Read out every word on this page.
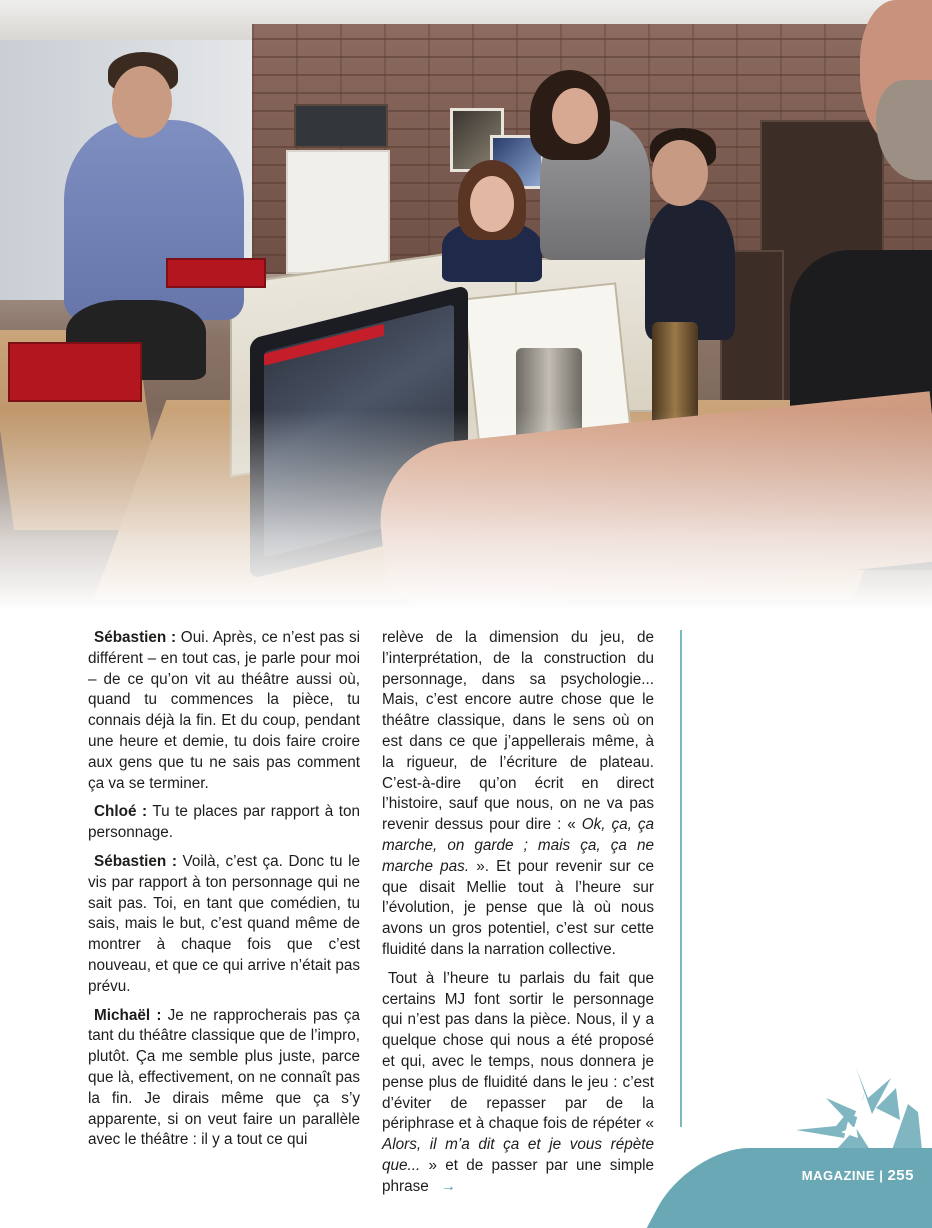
Sébastien : Oui. Après, ce n’est pas si différent – en tout cas, je parle pour moi – de ce qu’on vit au théâtre aussi où, quand tu commences la pièce, tu connais déjà la fin. Et du coup, pendant une heure et demie, tu dois faire croire aux gens que tu ne sais pas comment ça va se terminer.

Chloé : Tu te places par rapport à ton personnage.

Sébastien : Voilà, c’est ça. Donc tu le vis par rapport à ton personnage qui ne sait pas. Toi, en tant que comédien, tu sais, mais le but, c’est quand même de montrer à chaque fois que c’est nouveau, et que ce qui arrive n’était pas prévu.

Michaël : Je ne rapprocherais pas ça tant du théâtre classique que de l’impro, plutôt. Ça me semble plus juste, parce que là, effectivement, on ne connaît pas la fin. Je dirais même que ça s’y apparente, si on veut faire un parallèle avec le théâtre : il y a tout ce qui

relève de la dimension du jeu, de l’interprétation, de la construction du personnage, dans sa psychologie... Mais, c’est encore autre chose que le théâtre classique, dans le sens où on est dans ce que j’appellerais même, à la rigueur, de l’écriture de plateau. C’est-à-dire qu’on écrit en direct l’histoire, sauf que nous, on ne va pas revenir dessus pour dire : « Ok, ça, ça marche, on garde ; mais ça, ça ne marche pas. ». Et pour revenir sur ce que disait Mellie tout à l’heure sur l’évolution, je pense que là où nous avons un gros potentiel, c’est sur cette fluidité dans la narration collective.

Tout à l’heure tu parlais du fait que certains MJ font sortir le personnage qui n’est pas dans la pièce. Nous, il y a quelque chose qui nous a été proposé et qui, avec le temps, nous donnera je pense plus de fluidité dans le jeu : c’est d’éviter de repasser par de la périphrase et à chaque fois de répéter « Alors, il m’a dit ça et je vous répète que... » et de passer par une simple phrase →

MAGAZINE | 255
